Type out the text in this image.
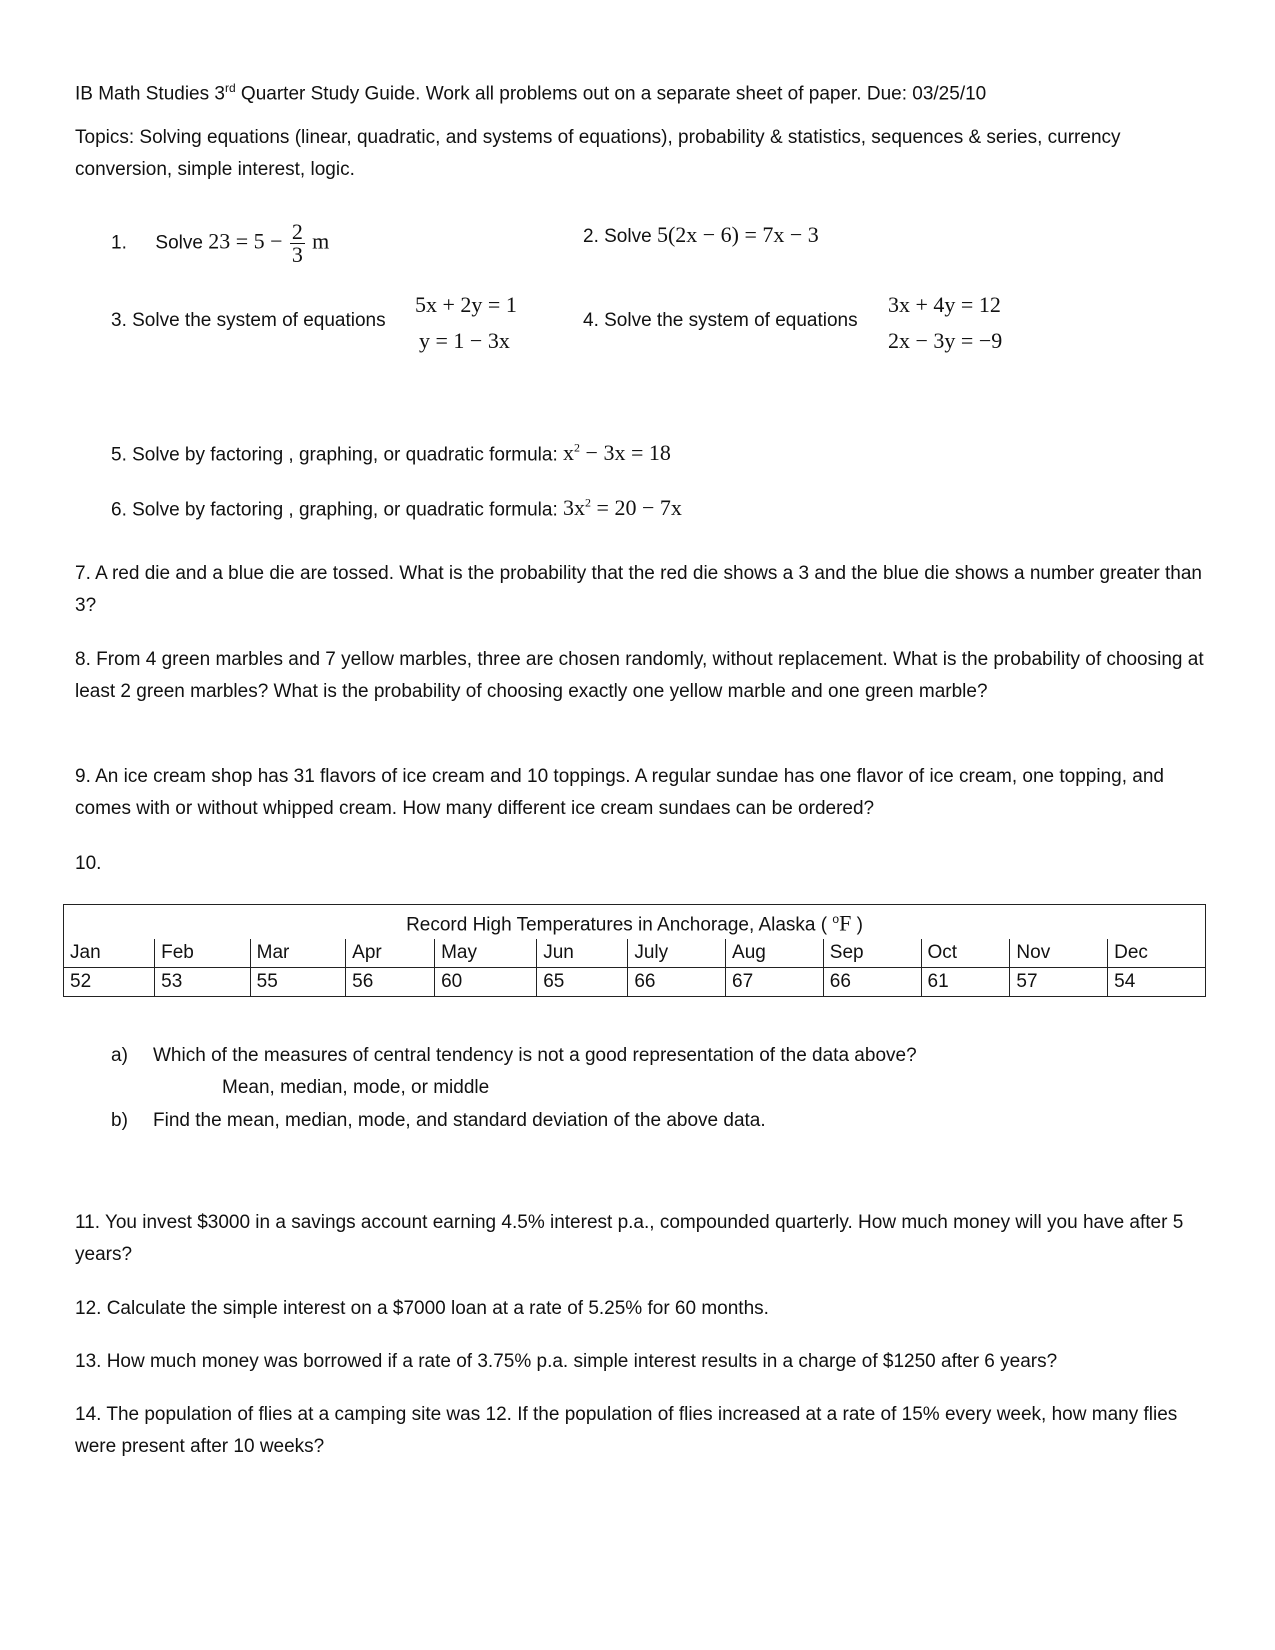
IB Math Studies 3rd Quarter Study Guide. Work all problems out on a separate sheet of paper. Due: 03/25/10
Topics: Solving equations (linear, quadratic, and systems of equations), probability & statistics, sequences & series, currency conversion, simple interest, logic.
1. Solve $23 = 5 - \frac{2}{3}$ m	2. Solve 5(2x − 6) = 7x − 3
3. Solve the system of equations
5x + 2y = 1
y = 1 − 3x
4. Solve the system of equations
3x + 4y = 12
2x − 3y = −9
5. Solve by factoring , graphing, or quadratic formula: $x^2 - 3x = 18$
6. Solve by factoring , graphing, or quadratic formula: $3x^2 = 20 - 7x$
7. A red die and a blue die are tossed. What is the probability that the red die shows a 3 and the blue die shows a number greater than 3?
8. From 4 green marbles and 7 yellow marbles, three are chosen randomly, without replacement. What is the probability of choosing at least 2 green marbles? What is the probability of choosing exactly one yellow marble and one green marble?
9. An ice cream shop has 31 flavors of ice cream and 10 toppings. A regular sundae has one flavor of ice cream, one topping, and comes with or without whipped cream. How many different ice cream sundaes can be ordered?
10.
Record High Temperatures in Anchorage, Alaska ( $^o$F )											
Jan	Feb	Mar	Apr	May	Jun	July	Aug	Sep	Oct	Nov	Dec
52	53	55	56	60	65	66	67	66	61	57	54
a) Which of the measures of central tendency is not a good representation of the data above?
Mean, median, mode, or middle
b) Find the mean, median, mode, and standard deviation of the above data.
11. You invest $3000 in a savings account earning 4.5% interest p.a., compounded quarterly. How much money will you have after 5 years?
12. Calculate the simple interest on a $7000 loan at a rate of 5.25% for 60 months.
13. How much money was borrowed if a rate of 3.75% p.a. simple interest results in a charge of $1250 after 6 years?
14. The population of flies at a camping site was 12. If the population of flies increased at a rate of 15% every week, how many flies were present after 10 weeks?
